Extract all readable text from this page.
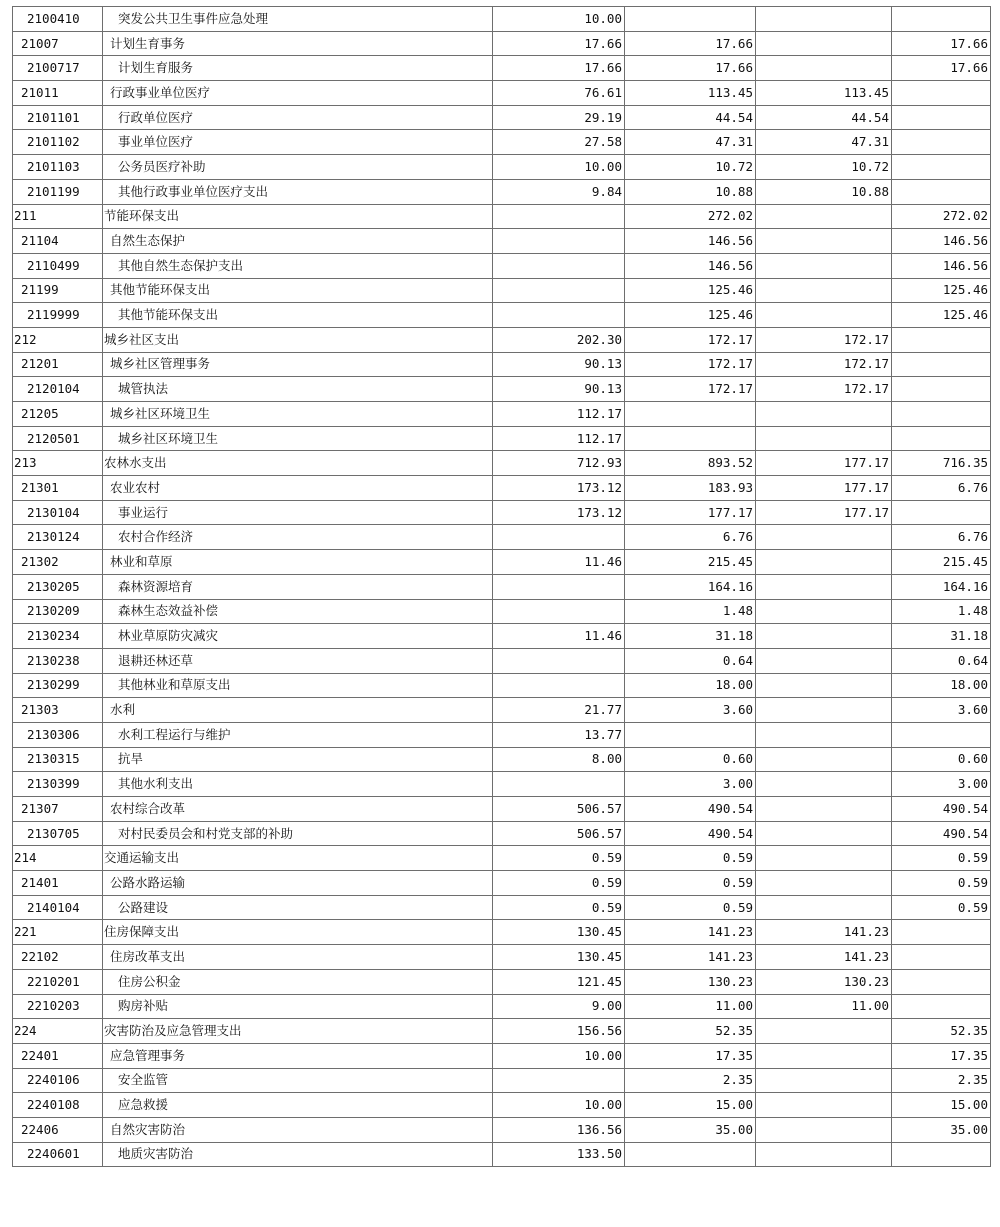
2100410	突发公共卫生事件应急处理	10.00			
21007	计划生育事务	17.66	17.66		17.66
2100717	计划生育服务	17.66	17.66		17.66
21011	行政事业单位医疗	76.61	113.45	113.45	
2101101	行政单位医疗	29.19	44.54	44.54	
2101102	事业单位医疗	27.58	47.31	47.31	
2101103	公务员医疗补助	10.00	10.72	10.72	
2101199	其他行政事业单位医疗支出	9.84	10.88	10.88	
211	节能环保支出		272.02		272.02
21104	自然生态保护		146.56		146.56
2110499	其他自然生态保护支出		146.56		146.56
21199	其他节能环保支出		125.46		125.46
2119999	其他节能环保支出		125.46		125.46
212	城乡社区支出	202.30	172.17	172.17	
21201	城乡社区管理事务	90.13	172.17	172.17	
2120104	城管执法	90.13	172.17	172.17	
21205	城乡社区环境卫生	112.17			
2120501	城乡社区环境卫生	112.17			
213	农林水支出	712.93	893.52	177.17	716.35
21301	农业农村	173.12	183.93	177.17	6.76
2130104	事业运行	173.12	177.17	177.17	
2130124	农村合作经济		6.76		6.76
21302	林业和草原	11.46	215.45		215.45
2130205	森林资源培育		164.16		164.16
2130209	森林生态效益补偿		1.48		1.48
2130234	林业草原防灾减灾	11.46	31.18		31.18
2130238	退耕还林还草		0.64		0.64
2130299	其他林业和草原支出		18.00		18.00
21303	水利	21.77	3.60		3.60
2130306	水利工程运行与维护	13.77			
2130315	抗旱	8.00	0.60		0.60
2130399	其他水利支出		3.00		3.00
21307	农村综合改革	506.57	490.54		490.54
2130705	对村民委员会和村党支部的补助	506.57	490.54		490.54
214	交通运输支出	0.59	0.59		0.59
21401	公路水路运输	0.59	0.59		0.59
2140104	公路建设	0.59	0.59		0.59
221	住房保障支出	130.45	141.23	141.23	
22102	住房改革支出	130.45	141.23	141.23	
2210201	住房公积金	121.45	130.23	130.23	
2210203	购房补贴	9.00	11.00	11.00	
224	灾害防治及应急管理支出	156.56	52.35		52.35
22401	应急管理事务	10.00	17.35		17.35
2240106	安全监管		2.35		2.35
2240108	应急救援	10.00	15.00		15.00
22406	自然灾害防治	136.56	35.00		35.00
2240601	地质灾害防治	133.50			
